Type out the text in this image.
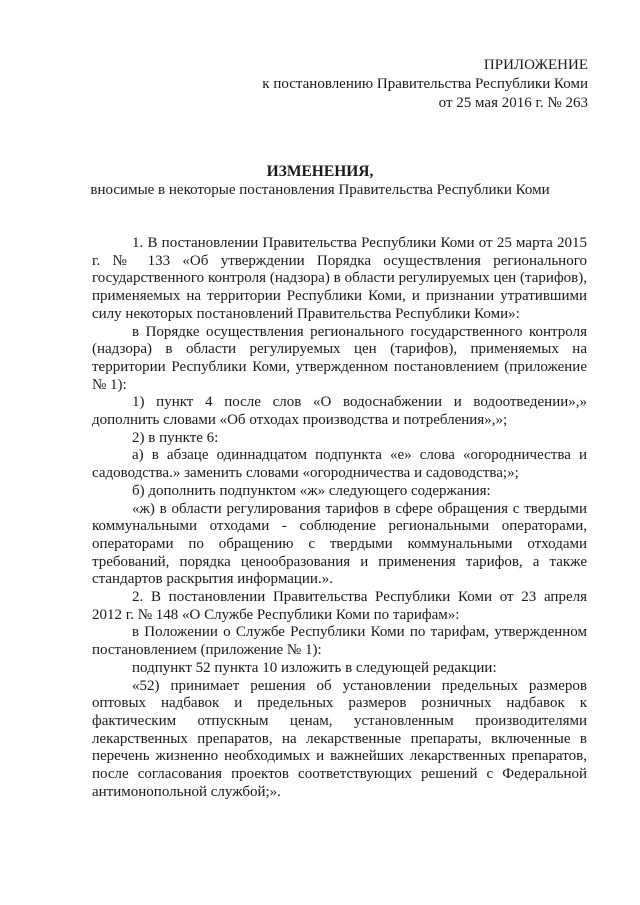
ПРИЛОЖЕНИЕ
к постановлению Правительства Республики Коми
от 25 мая 2016 г. № 263
ИЗМЕНЕНИЯ,
вносимые в некоторые постановления Правительства Республики Коми

1. В постановлении Правительства Республики Коми от 25 марта 2015 г. № 133 «Об утверждении Порядка осуществления регионального государственного контроля (надзора) в области регулируемых цен (тарифов), применяемых на территории Республики Коми, и признании утратившими силу некоторых постановлений Правительства Республики Коми»:

в Порядке осуществления регионального государственного контроля (надзора) в области регулируемых цен (тарифов), применяемых на территории Республики Коми, утвержденном постановлением (приложение № 1):

1) пункт 4 после слов «О водоснабжении и водоотведении»,» дополнить словами «Об отходах производства и потребления»,»;

2) в пункте 6:

а) в абзаце одиннадцатом подпункта «е» слова «огородничества и садоводства.» заменить словами «огородничества и садоводства;»;

б) дополнить подпунктом «ж» следующего содержания:

«ж) в области регулирования тарифов в сфере обращения с твердыми коммунальными отходами - соблюдение региональными операторами, операторами по обращению с твердыми коммунальными отходами требований, порядка ценообразования и применения тарифов, а также стандартов раскрытия информации.».

2. В постановлении Правительства Республики Коми от 23 апреля 2012 г. № 148 «О Службе Республики Коми по тарифам»:

в Положении о Службе Республики Коми по тарифам, утвержденном постановлением (приложение № 1):

подпункт 52 пункта 10 изложить в следующей редакции:

«52) принимает решения об установлении предельных размеров оптовых надбавок и предельных размеров розничных надбавок к фактическим отпускным ценам, установленным производителями лекарственных препаратов, на лекарственные препараты, включенные в перечень жизненно необходимых и важнейших лекарственных препаратов, после согласования проектов соответствующих решений с Федеральной антимонопольной службой;».
